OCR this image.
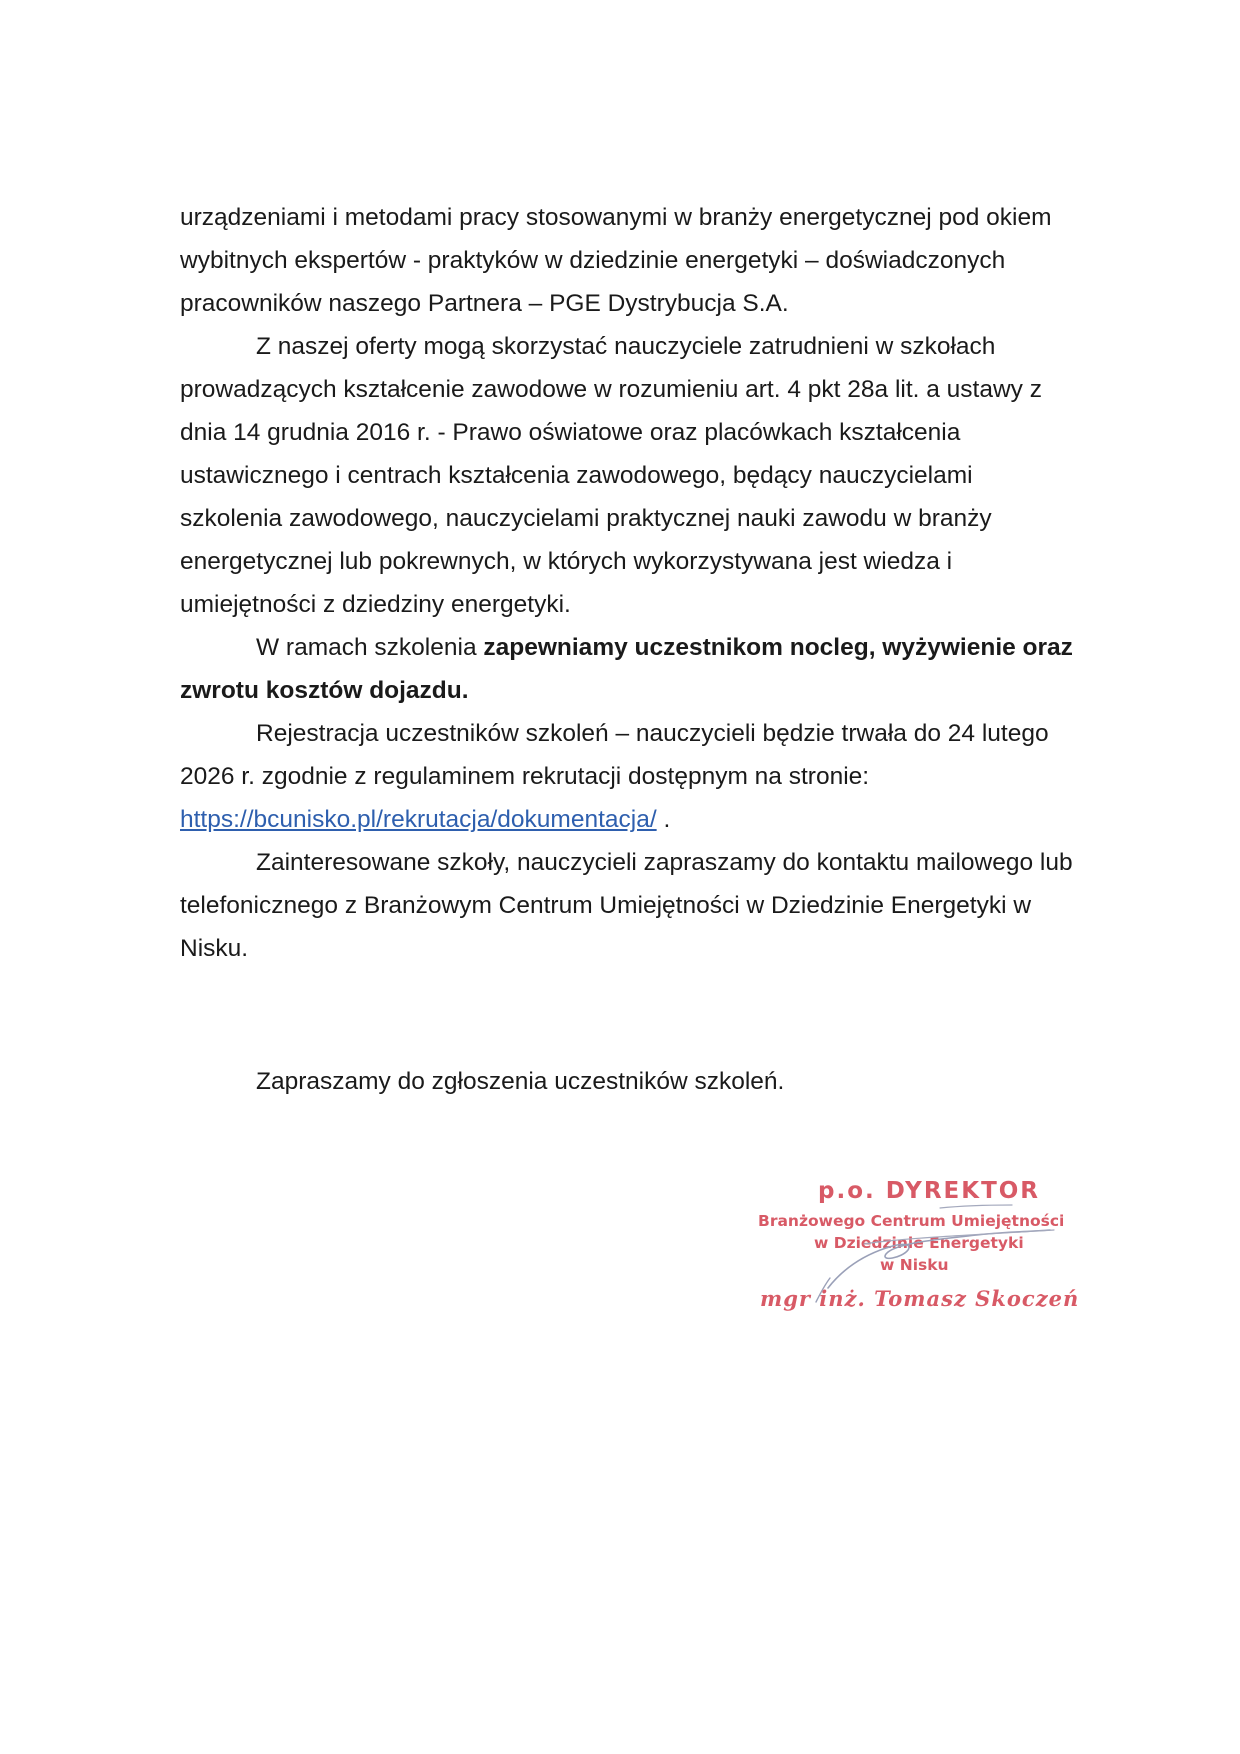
urządzeniami i metodami pracy stosowanymi w branży energetycznej pod okiem wybitnych ekspertów - praktyków w dziedzinie energetyki – doświadczonych pracowników naszego Partnera – PGE Dystrybucja S.A.

Z naszej oferty mogą skorzystać nauczyciele zatrudnieni w szkołach prowadzących kształcenie zawodowe w rozumieniu art. 4 pkt 28a lit. a ustawy z dnia 14 grudnia 2016 r. - Prawo oświatowe oraz placówkach kształcenia ustawicznego i centrach kształcenia zawodowego, będący nauczycielami szkolenia zawodowego, nauczycielami praktycznej nauki zawodu w branży energetycznej lub pokrewnych, w których wykorzystywana jest wiedza i umiejętności z dziedziny energetyki.

W ramach szkolenia zapewniamy uczestnikom nocleg, wyżywienie oraz zwrotu kosztów dojazdu.

Rejestracja uczestników szkoleń – nauczycieli będzie trwała do 24 lutego 2026 r. zgodnie z regulaminem rekrutacji dostępnym na stronie: https://bcunisko.pl/rekrutacja/dokumentacja/ .

Zainteresowane szkoły, nauczycieli zapraszamy do kontaktu mailowego lub telefonicznego z Branżowym Centrum Umiejętności w Dziedzinie Energetyki w Nisku.

Zapraszamy do zgłoszenia uczestników szkoleń.
p.o. DYREKTOR
Branżowego Centrum Umiejętności
w Dziedzinie Energetyki
w Nisku
mgr inż. Tomasz Skoczeń
